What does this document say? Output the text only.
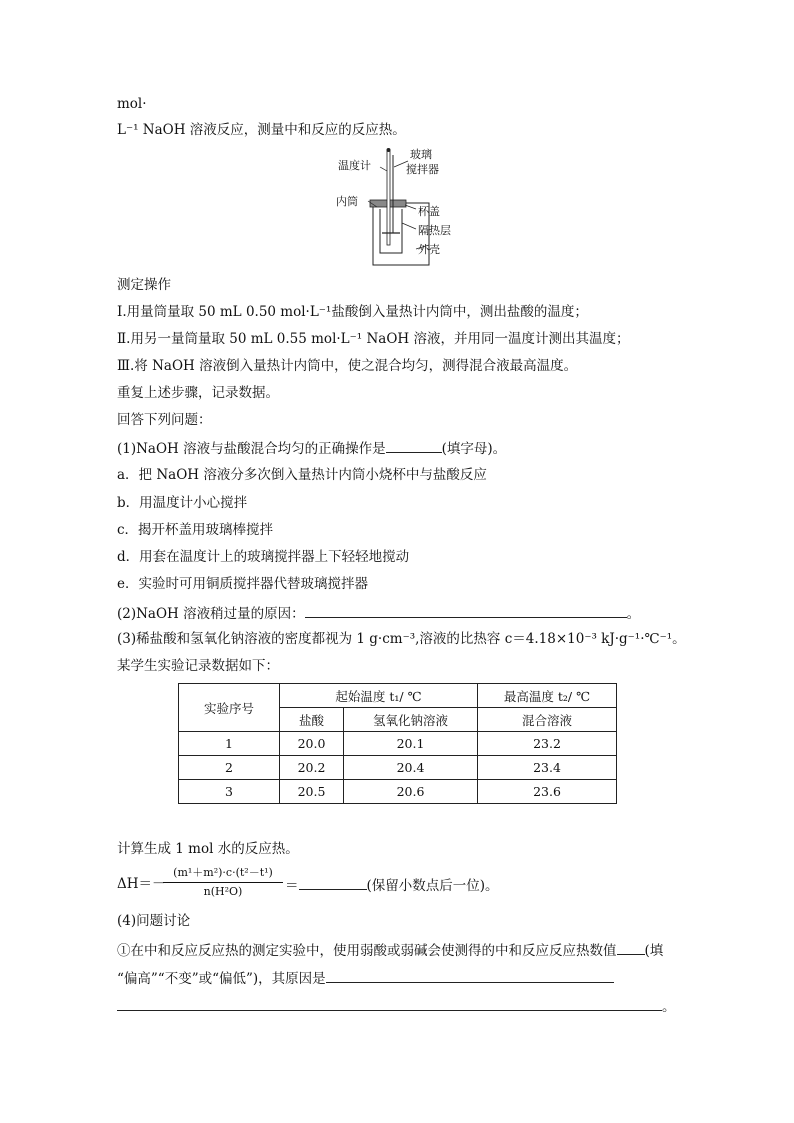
mol·
L⁻¹ NaOH 溶液反应，测量中和反应的反应热。
温度计
玻璃
搅拌器
内筒
杯盖
隔热层
外壳
测定操作
Ⅰ.用量筒量取 50 mL 0.50 mol·L⁻¹盐酸倒入量热计内筒中，测出盐酸的温度；
Ⅱ.用另一量筒量取 50 mL 0.55 mol·L⁻¹ NaOH 溶液，并用同一温度计测出其温度；
Ⅲ.将 NaOH 溶液倒入量热计内筒中，使之混合均匀，测得混合液最高温度。
重复上述步骤，记录数据。
回答下列问题：
(1)NaOH 溶液与盐酸混合均匀的正确操作是	(填字母)。
a．把 NaOH 溶液分多次倒入量热计内筒小烧杯中与盐酸反应
b．用温度计小心搅拌
c．揭开杯盖用玻璃棒搅拌
d．用套在温度计上的玻璃搅拌器上下轻轻地搅动
e．实验时可用铜质搅拌器代替玻璃搅拌器
(2)NaOH 溶液稍过量的原因：	。
(3)稀盐酸和氢氧化钠溶液的密度都视为 1 g·cm⁻³,溶液的比热容 c＝4.18×10⁻³ kJ·g⁻¹·℃⁻¹。
某学生实验记录数据如下：
实验序号	起始温度 t₁/ ℃		最高温度 t₂/ ℃
	盐酸	氢氧化钠溶液	混合溶液
1	20.0	20.1	23.2
2	20.2	20.4	23.4
3	20.5	20.6	23.6
计算生成 1 mol 水的反应热。
ΔH＝－
$\frac{\text{(m¹＋m²)·c·(t²－t¹)}}{\text{n(H²O)}}$ ＝	(保留小数点后一位)。
(4)问题讨论
①在中和反应反应热的测定实验中，使用弱酸或弱碱会使测得的中和反应反应热数值 (填
“偏高”“不变”或“偏低”)，其原因是
。
